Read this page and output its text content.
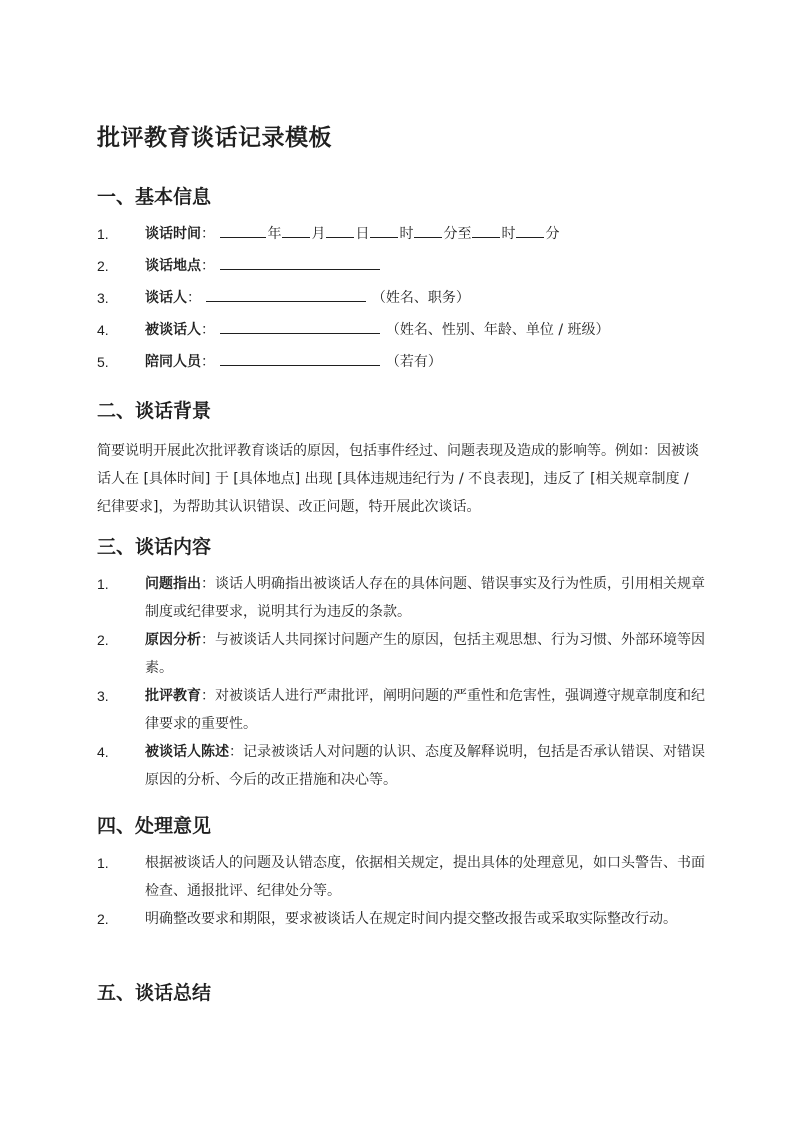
批评教育谈话记录模板
一、基本信息
1.	谈话时间：	年 月 日 时 分至 时 分
2.	谈话地点：
3.	谈话人：	（姓名、职务）
4.	被谈话人：	（姓名、性别、年龄、单位 / 班级）
5.	陪同人员：	（若有）
二、谈话背景

简要说明开展此次批评教育谈话的原因，包括事件经过、问题表现及造成的影响等。例如：因被谈话人在 [具体时间] 于 [具体地点] 出现 [具体违规违纪行为 / 不良表现]，违反了 [相关规章制度 / 纪律要求]，为帮助其认识错误、改正问题，特开展此次谈话。

三、谈话内容
1.	问题指出：谈话人明确指出被谈话人存在的具体问题、错误事实及行为性质，引用相关规章制度或纪律要求，说明其行为违反的条款。
2.	原因分析：与被谈话人共同探讨问题产生的原因，包括主观思想、行为习惯、外部环境等因素。
3.	批评教育：对被谈话人进行严肃批评，阐明问题的严重性和危害性，强调遵守规章制度和纪律要求的重要性。
4.	被谈话人陈述：记录被谈话人对问题的认识、态度及解释说明，包括是否承认错误、对错误原因的分析、今后的改正措施和决心等。
四、处理意见
1.	根据被谈话人的问题及认错态度，依据相关规定，提出具体的处理意见，如口头警告、书面检查、通报批评、纪律处分等。
2.	明确整改要求和期限，要求被谈话人在规定时间内提交整改报告或采取实际整改行动。
五、谈话总结
